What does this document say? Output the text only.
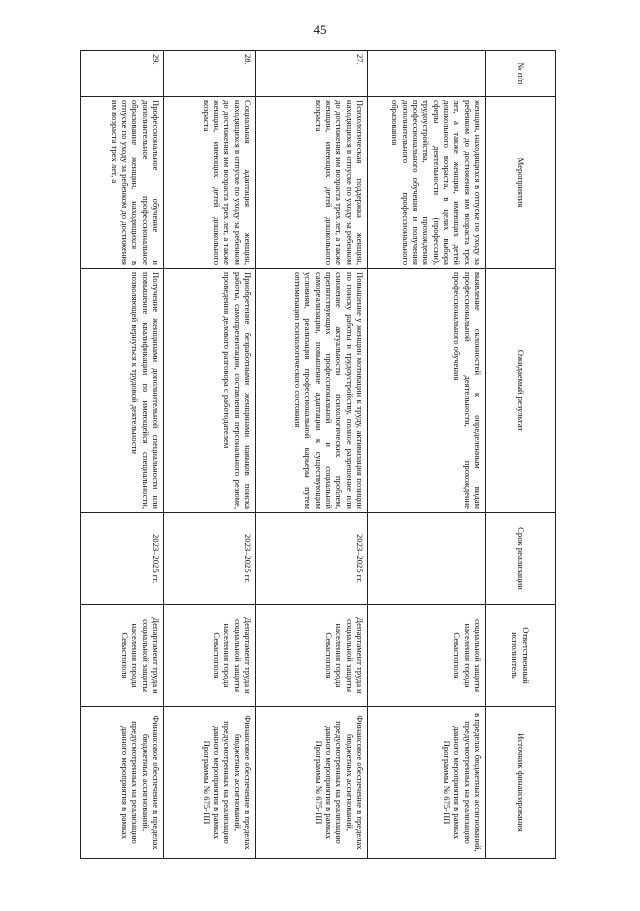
45
№ п/п	Мероприятия	Ожидаемый результат	Срок реализации	Ответственный исполнитель	Источник финансирования
	женщин, находящихся в отпуске по уходу за ребенком до достижения им возраста трех лет, а также женщин, имеющих детей дошкольного возраста, в целях выбора сферы деятельности (профессии), трудоустройства, прохождения профессионального обучения и получения дополнительного профессионального образования	выявление склонностей к определенным видам профессиональной деятельности, прохождение профессионального обучения		социальной защиты населения города Севастополя	в пределах бюджетных ассигнований, предусмотренных на реализацию данного мероприятия в рамках Программы № 675-ПП
27.	Психологическая поддержка женщин, находящихся в отпуске по уходу за ребенком до достижения им возраста трех лет, а также женщин, имеющих детей дошкольного возраста	Повышение у женщин мотивации к труду, активизация позиции по поиску работы и трудоустройству, полное разрешение или снижение актуальности психологических проблем, препятствующих профессиональной и социальной самореализации, повышение адаптации к существующим условиям, реализация профессиональной карьеры путем оптимизации психологического состояния	2023–2025 гг.	Департамент труда и социальной защиты населения города Севастополя	Финансовое обеспечение в пределах бюджетных ассигнований, предусмотренных на реализацию данного мероприятия в рамках Программы № 675-ПП
28.	Социальная адаптация женщин, находящихся в отпуске по уходу за ребенком до достижения им возраста трех лет, а также женщин, имеющих детей дошкольного возраста	Приобретение безработными женщинами навыков поиска работы, самопрезентации, составления персонального резюме, проведения делового разговора с работодателем	2023–2025 гг.	Департамент труда и социальной защиты населения города Севастополя	Финансовое обеспечение в пределах бюджетных ассигнований, предусмотренных на реализацию данного мероприятия в рамках Программы № 675-ПП
29.	Профессиональное обучение и дополнительное профессиональное образование женщин, находящихся в отпуске по уходу за ребенком до достижения им возраста трех лет, а	Получение женщинами дополнительной специальности или повышение квалификации по имеющейся специальности, позволяющей вернуться к трудовой деятельности	2023–2025 гг.	Департамент труда и социальной защиты населения города Севастополя	Финансовое обеспечение в пределах бюджетных ассигнований, предусмотренных на реализацию данного мероприятия в рамках
